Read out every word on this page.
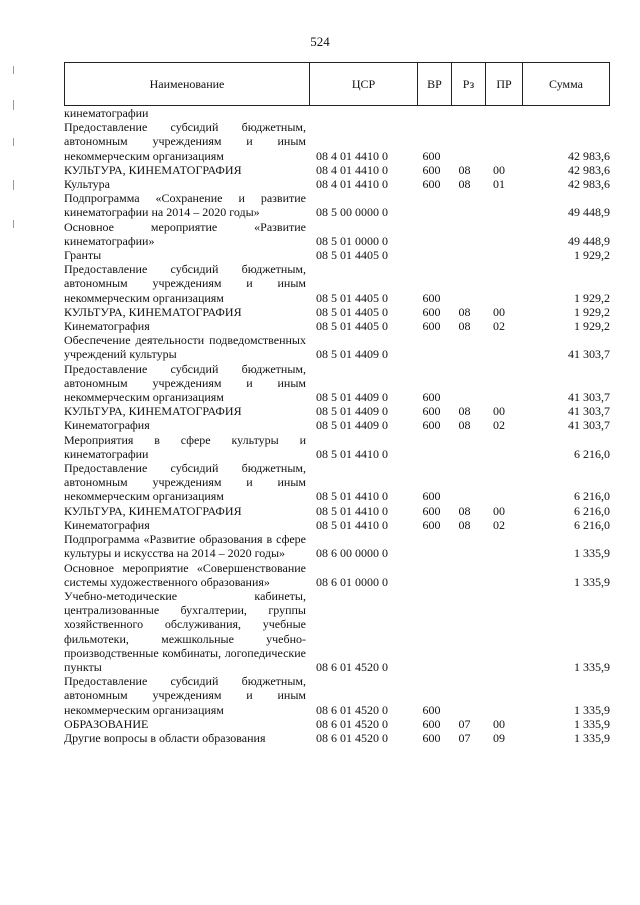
524
Наименование	ЦСР	ВР	Рз	ПР	Сумма
кинематографии					

Предоставление субсидий бюджетным, автономным учреждениям и иным некоммерческим организациям	08 4 01 4410 0	600			42 983,6

КУЛЬТУРА, КИНЕМАТОГРАФИЯ	08 4 01 4410 0	600	08	00	42 983,6

Культура	08 4 01 4410 0	600	08	01	42 983,6

Подпрограмма «Сохранение и развитие кинематографии на 2014 – 2020 годы»	08 5 00 0000 0				49 448,9

Основное мероприятие «Развитие кинематографии»	08 5 01 0000 0				49 448,9

Гранты	08 5 01 4405 0				1 929,2

Предоставление субсидий бюджетным, автономным учреждениям и иным некоммерческим организациям	08 5 01 4405 0	600			1 929,2

КУЛЬТУРА, КИНЕМАТОГРАФИЯ	08 5 01 4405 0	600	08	00	1 929,2

Кинематография	08 5 01 4405 0	600	08	02	1 929,2

Обеспечение деятельности подведомственных учреждений культуры	08 5 01 4409 0				41 303,7

Предоставление субсидий бюджетным, автономным учреждениям и иным некоммерческим организациям	08 5 01 4409 0	600			41 303,7

КУЛЬТУРА, КИНЕМАТОГРАФИЯ	08 5 01 4409 0	600	08	00	41 303,7

Кинематография	08 5 01 4409 0	600	08	02	41 303,7

Мероприятия в сфере культуры и кинематографии	08 5 01 4410 0				6 216,0

Предоставление субсидий бюджетным, автономным учреждениям и иным некоммерческим организациям	08 5 01 4410 0	600			6 216,0

КУЛЬТУРА, КИНЕМАТОГРАФИЯ	08 5 01 4410 0	600	08	00	6 216,0

Кинематография	08 5 01 4410 0	600	08	02	6 216,0

Подпрограмма «Развитие образования в сфере культуры и искусства на 2014 – 2020 годы»	08 6 00 0000 0				1 335,9

Основное мероприятие «Совершенствование системы художественного образования»	08 6 01 0000 0				1 335,9

Учебно-методические кабинеты, централизованные бухгалтерии, группы хозяйственного обслуживания, учебные фильмотеки, межшкольные учебно-производственные комбинаты, логопедические пункты	08 6 01 4520 0				1 335,9

Предоставление субсидий бюджетным, автономным учреждениям и иным некоммерческим организациям	08 6 01 4520 0	600			1 335,9

ОБРАЗОВАНИЕ	08 6 01 4520 0	600	07	00	1 335,9

Другие вопросы в области образования	08 6 01 4520 0	600	07	09	1 335,9
